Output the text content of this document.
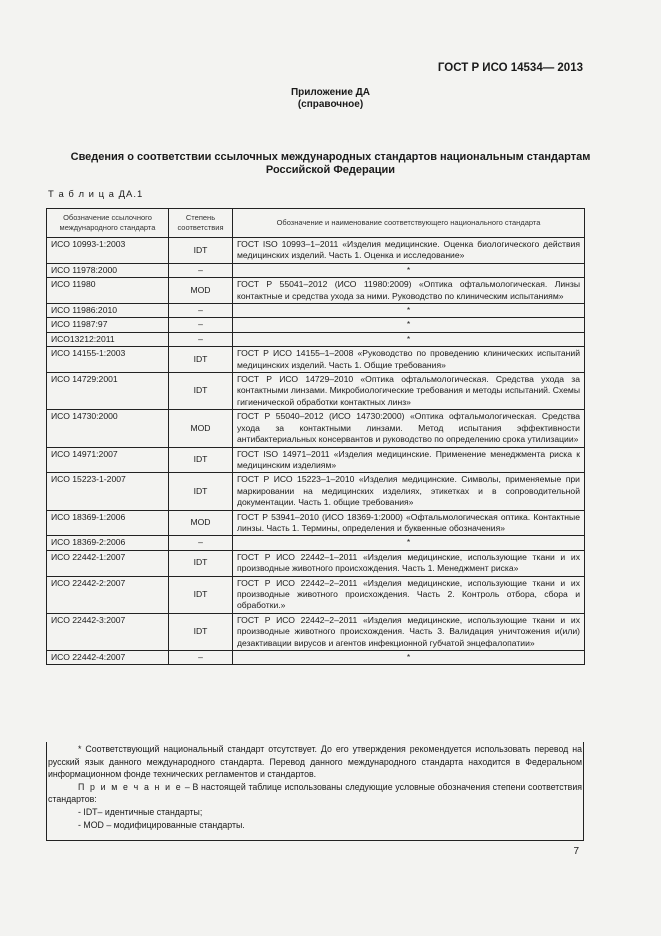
ГОСТ Р ИСО 14534— 2013
Приложение ДА
(справочное)
Сведения о соответствии ссылочных международных стандартов национальным стандартам
Российской Федерации
Т а б л и ц а ДА.1
Обозначение ссылочного международного стандарта	Степень соответствия	Обозначение и наименование соответствующего национального стандарта
ИСО 10993-1:2003	IDT	ГОСТ ISO 10993–1–2011 «Изделия медицинские. Оценка биологического действия медицинских изделий. Часть 1. Оценка и исследование»
ИСО 11978:2000	–	*
ИСО 11980	MOD	ГОСТ Р 55041–2012 (ИСО 11980:2009) «Оптика офтальмологическая. Линзы контактные и средства ухода за ними. Руководство по клиническим испытаниям»
ИСО 11986:2010	–	*
ИСО 11987:97	–	*
ИСО13212:2011	–	*
ИСО 14155-1:2003	IDT	ГОСТ Р ИСО 14155–1–2008 «Руководство по проведению клинических испытаний медицинских изделий. Часть 1. Общие требования»
ИСО 14729:2001	IDT	ГОСТ Р ИСО 14729–2010 «Оптика офтальмологическая. Средства ухода за контактными линзами. Микробиологические требования и методы испытаний. Схемы гигиенической обработки контактных линз»
ИСО 14730:2000	MOD	ГОСТ Р 55040–2012 (ИСО 14730:2000) «Оптика офтальмологическая. Средства ухода за контактными линзами. Метод испытания эффективности антибактериальных консервантов и руководство по определению срока утилизации»
ИСО 14971:2007	IDT	ГОСТ ISO 14971–2011 «Изделия медицинские. Применение менеджмента риска к медицинским изделиям»
ИСО 15223-1-2007	IDT	ГОСТ Р ИСО 15223–1–2010 «Изделия медицинские. Символы, применяемые при маркировании на медицинских изделиях, этикетках и в сопроводительной документации. Часть 1. общие требования»
ИСО 18369-1:2006	MOD	ГОСТ Р 53941–2010 (ИСО 18369-1:2000) «Офтальмологическая оптика. Контактные линзы. Часть 1. Термины, определения и буквенные обозначения»
ИСО 18369-2:2006	–	*
ИСО 22442-1:2007	IDT	ГОСТ Р ИСО 22442–1–2011 «Изделия медицинские, использующие ткани и их производные животного происхождения. Часть 1. Менеджмент риска»
ИСО 22442-2:2007	IDT	ГОСТ Р ИСО 22442–2–2011 «Изделия медицинские, использующие ткани и их производные животного происхождения. Часть 2. Контроль отбора, сбора и обработки.»
ИСО 22442-3:2007	IDT	ГОСТ Р ИСО 22442–2–2011 «Изделия медицинские, использующие ткани и их производные животного происхождения. Часть 3. Валидация уничтожения и(или) дезактивации вирусов и агентов инфекционной губчатой энцефалопатии»
ИСО 22442-4:2007	–	*

* Соответствующий национальный стандарт отсутствует. До его утверждения рекомендуется использовать перевод на русский язык данного международного стандарта. Перевод данного международного стандарта находится в Федеральном информационном фонде технических регламентов и стандартов.

П р и м е ч а н и е – В настоящей таблице использованы следующие условные обозначения степени соответствия стандартов:

- IDT– идентичные стандарты;

- MOD – модифицированные стандарты.

7
